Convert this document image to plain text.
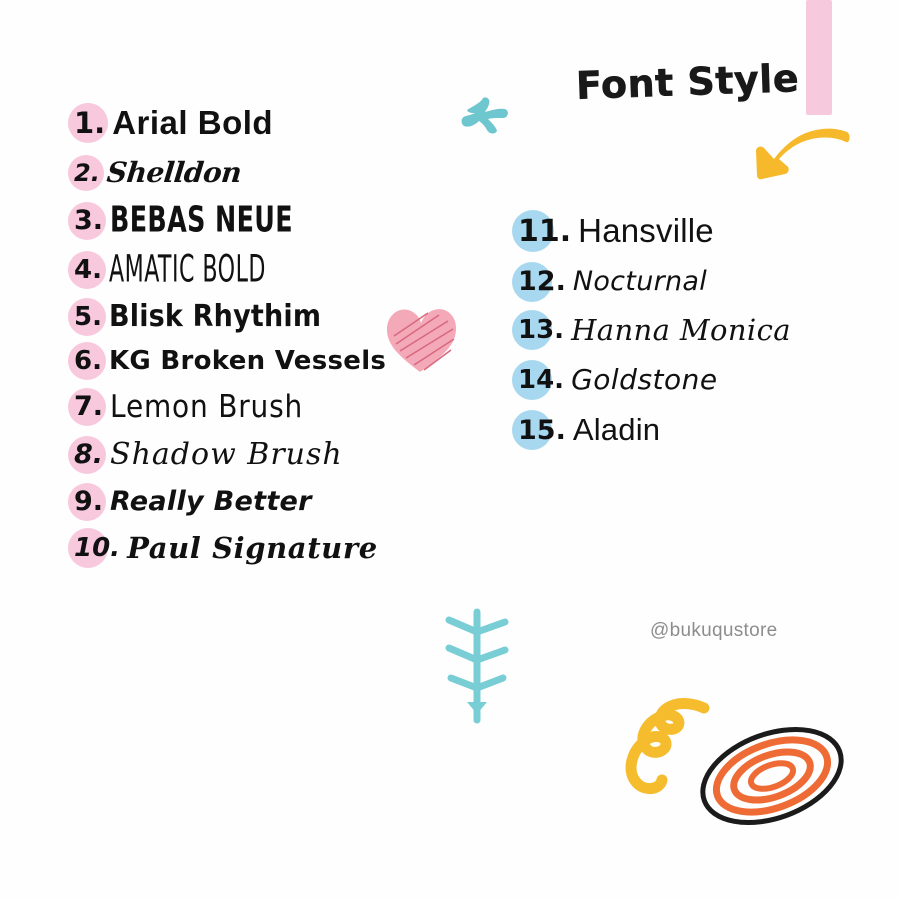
Font Style
@bukuqustore
1. Arial Bold
2. Shelldon
3. BEBAS NEUE
4. AMATIC BOLD
5. Blisk Rhythim
6. KG Broken Vessels
7. Lemon Brush
8. Shadow Brush
9. Really Better
10. Paul Signature
11. Hansville
12. Nocturnal
13. Hanna Monica
14. Goldstone
15. Aladin
